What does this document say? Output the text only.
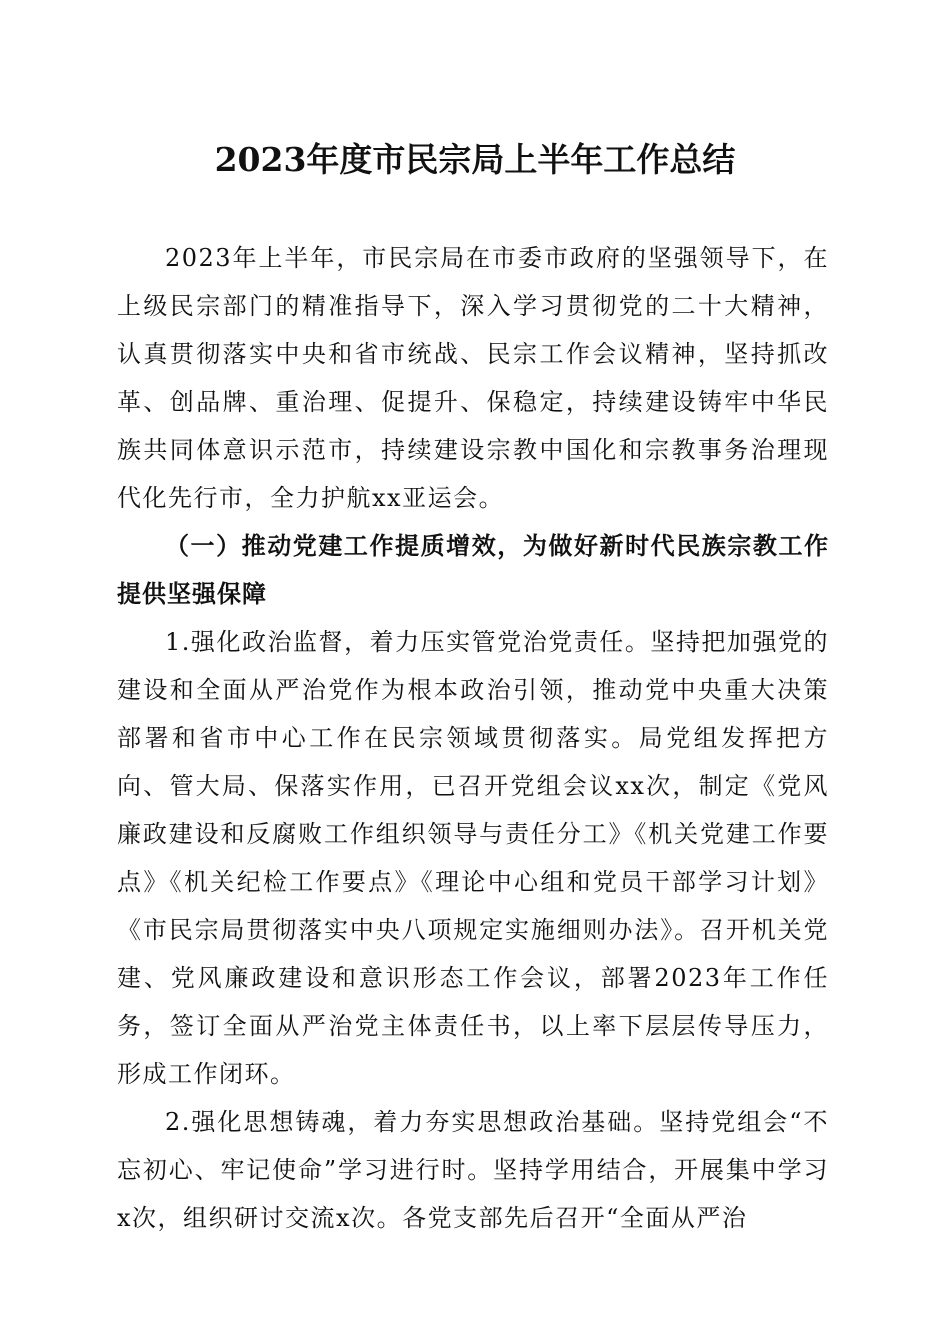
2023年度市民宗局上半年工作总结

2023年上半年，市民宗局在市委市政府的坚强领导下，在上级民宗部门的精准指导下，深入学习贯彻党的二十大精神，认真贯彻落实中央和省市统战、民宗工作会议精神，坚持抓改革、创品牌、重治理、促提升、保稳定，持续建设铸牢中华民族共同体意识示范市，持续建设宗教中国化和宗教事务治理现代化先行市，全力护航xx亚运会。

（一）推动党建工作提质增效，为做好新时代民族宗教工作提供坚强保障

1.强化政治监督，着力压实管党治党责任。坚持把加强党的建设和全面从严治党作为根本政治引领，推动党中央重大决策部署和省市中心工作在民宗领域贯彻落实。局党组发挥把方向、管大局、保落实作用，已召开党组会议xx次，制定《党风廉政建设和反腐败工作组织领导与责任分工》《机关党建工作要点》《机关纪检工作要点》《理论中心组和党员干部学习计划》《市民宗局贯彻落实中央八项规定实施细则办法》。召开机关党建、党风廉政建设和意识形态工作会议，部署2023年工作任务，签订全面从严治党主体责任书，以上率下层层传导压力，形成工作闭环。

2.强化思想铸魂，着力夯实思想政治基础。坚持党组会“不忘初心、牢记使命”学习进行时。坚持学用结合，开展集中学习x次，组织研讨交流x次。各党支部先后召开“全面从严治
